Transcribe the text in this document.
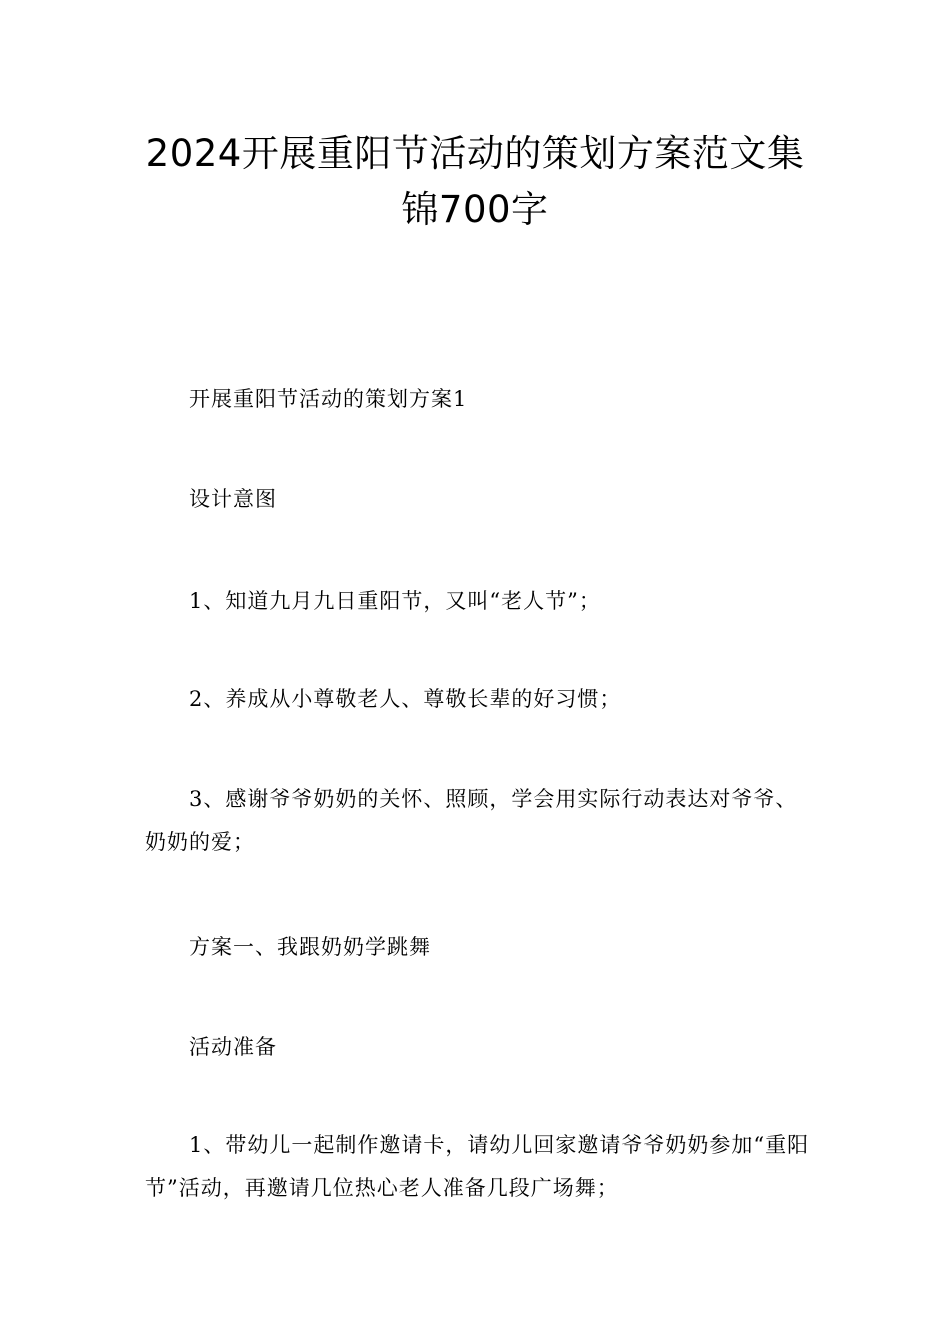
2024开展重阳节活动的策划方案范文集
锦700字

开展重阳节活动的策划方案1

设计意图

1、知道九月九日重阳节，又叫“老人节”；

2、养成从小尊敬老人、尊敬长辈的好习惯；

3、感谢爷爷奶奶的关怀、照顾，学会用实际行动表达对爷爷、奶奶的爱；

方案一、我跟奶奶学跳舞

活动准备

1、带幼儿一起制作邀请卡，请幼儿回家邀请爷爷奶奶参加“重阳节”活动，再邀请几位热心老人准备几段广场舞；
